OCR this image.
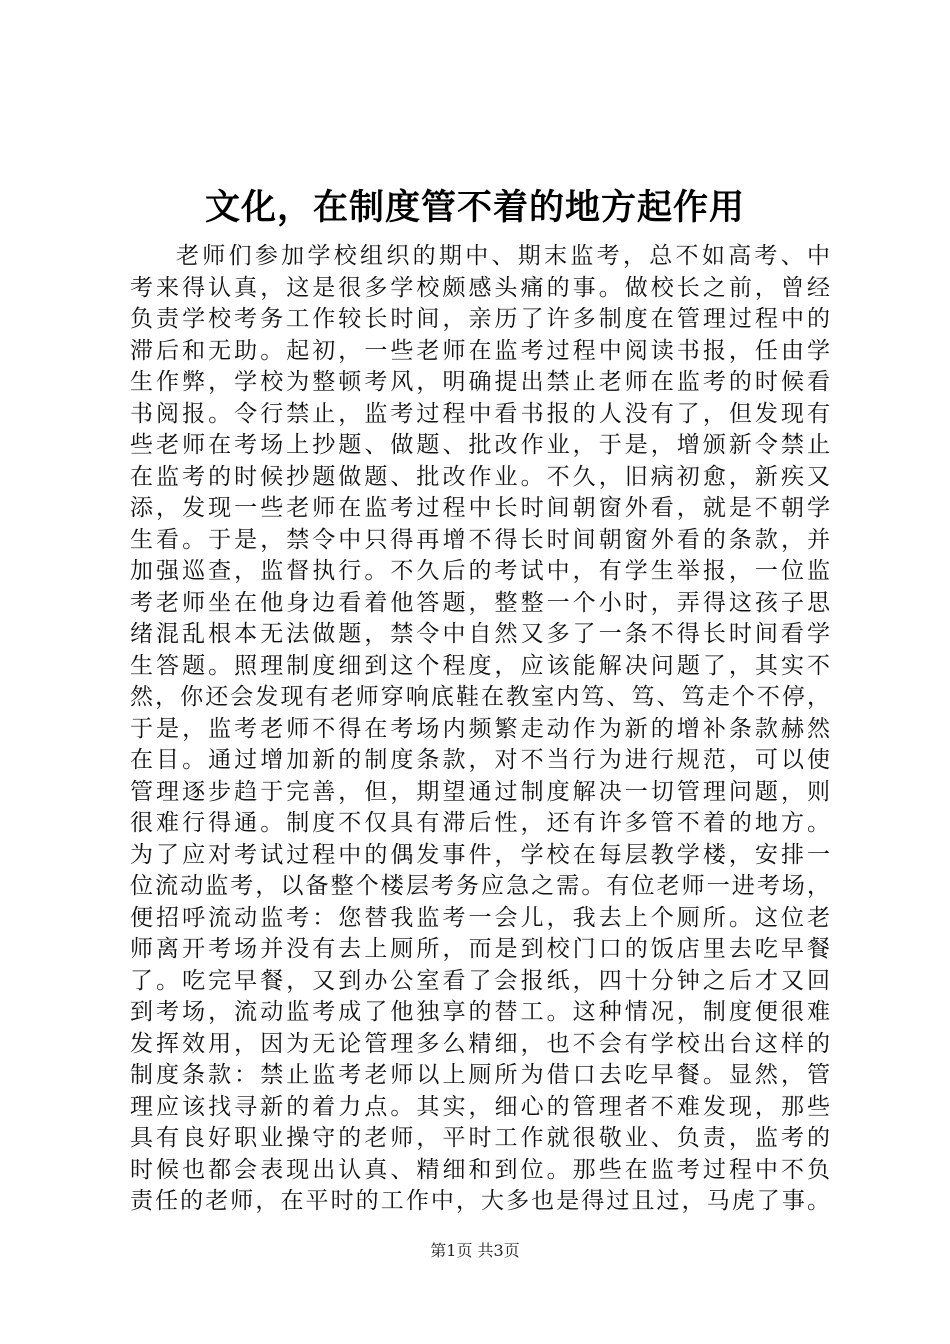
文化，在制度管不着的地方起作用
老师们参加学校组织的期中、期末监考，总不如高考、中
考来得认真，这是很多学校颇感头痛的事。做校长之前，曾经
负责学校考务工作较长时间，亲历了许多制度在管理过程中的
滞后和无助。起初，一些老师在监考过程中阅读书报，任由学
生作弊，学校为整顿考风，明确提出禁止老师在监考的时候看
书阅报。令行禁止，监考过程中看书报的人没有了，但发现有
些老师在考场上抄题、做题、批改作业，于是，增颁新令禁止
在监考的时候抄题做题、批改作业。不久，旧病初愈，新疾又
添，发现一些老师在监考过程中长时间朝窗外看，就是不朝学
生看。于是，禁令中只得再增不得长时间朝窗外看的条款，并
加强巡查，监督执行。不久后的考试中，有学生举报，一位监
考老师坐在他身边看着他答题，整整一个小时，弄得这孩子思
绪混乱根本无法做题，禁令中自然又多了一条不得长时间看学
生答题。照理制度细到这个程度，应该能解决问题了，其实不
然，你还会发现有老师穿响底鞋在教室内笃、笃、笃走个不停，
于是，监考老师不得在考场内频繁走动作为新的增补条款赫然
在目。通过增加新的制度条款，对不当行为进行规范，可以使
管理逐步趋于完善，但，期望通过制度解决一切管理问题，则
很难行得通。制度不仅具有滞后性，还有许多管不着的地方。
为了应对考试过程中的偶发事件，学校在每层教学楼，安排一
位流动监考，以备整个楼层考务应急之需。有位老师一进考场，
便招呼流动监考：您替我监考一会儿，我去上个厕所。这位老
师离开考场并没有去上厕所，而是到校门口的饭店里去吃早餐
了。吃完早餐，又到办公室看了会报纸，四十分钟之后才又回
到考场，流动监考成了他独享的替工。这种情况，制度便很难
发挥效用，因为无论管理多么精细，也不会有学校出台这样的
制度条款：禁止监考老师以上厕所为借口去吃早餐。显然，管
理应该找寻新的着力点。其实，细心的管理者不难发现，那些
具有良好职业操守的老师，平时工作就很敬业、负责，监考的
时候也都会表现出认真、精细和到位。那些在监考过程中不负
责任的老师，在平时的工作中，大多也是得过且过，马虎了事。
第1页 共3页
